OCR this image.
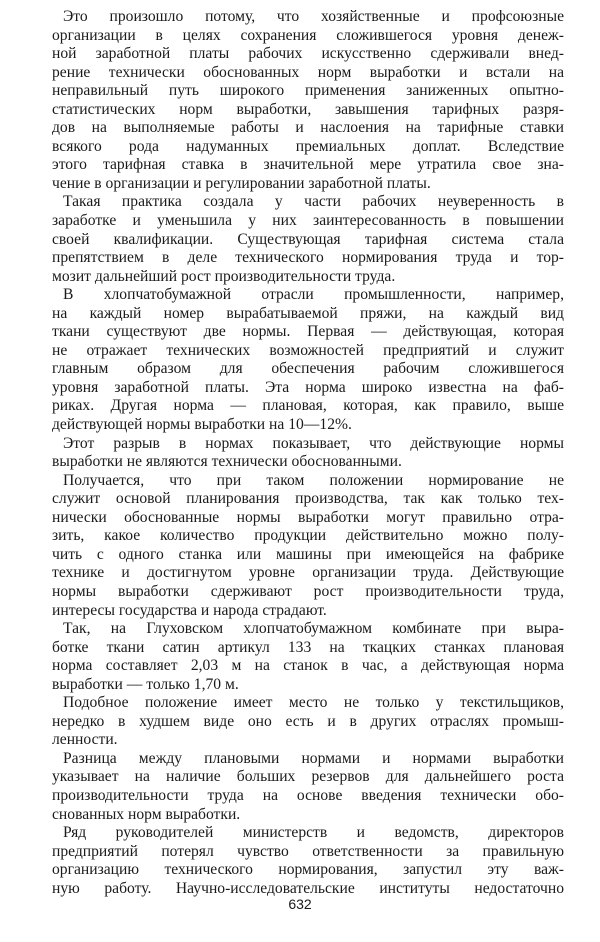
Это произошло потому, что хозяйственные и профсоюзные
организации в целях сохранения сложившегося уровня денеж-
ной заработной платы рабочих искусственно сдерживали внед-
рение технически обоснованных норм выработки и встали на
неправильный путь широкого применения заниженных опытно-
статистических норм выработки, завышения тарифных разря-
дов на выполняемые работы и наслоения на тарифные ставки
всякого рода надуманных премиальных доплат. Вследствие
этого тарифная ставка в значительной мере утратила свое зна-
чение в организации и регулировании заработной платы.
Такая практика создала у части рабочих неуверенность в
заработке и уменьшила у них заинтересованность в повышении
своей квалификации. Существующая тарифная система стала
препятствием в деле технического нормирования труда и тор-
мозит дальнейший рост производительности труда.
В хлопчатобумажной отрасли промышленности, например,
на каждый номер вырабатываемой пряжи, на каждый вид
ткани существуют две нормы. Первая — действующая, которая
не отражает технических возможностей предприятий и служит
главным образом для обеспечения рабочим сложившегося
уровня заработной платы. Эта норма широко известна на фаб-
риках. Другая норма — плановая, которая, как правило, выше
действующей нормы выработки на 10—12%.
Этот разрыв в нормах показывает, что действующие нормы
выработки не являются технически обоснованными.
Получается, что при таком положении нормирование не
служит основой планирования производства, так как только тех-
нически обоснованные нормы выработки могут правильно отра-
зить, какое количество продукции действительно можно полу-
чить с одного станка или машины при имеющейся на фабрике
технике и достигнутом уровне организации труда. Действующие
нормы выработки сдерживают рост производительности труда,
интересы государства и народа страдают.
Так, на Глуховском хлопчатобумажном комбинате при выра-
ботке ткани сатин артикул 133 на ткацких станках плановая
норма составляет 2,03 м на станок в час, а действующая норма
выработки — только 1,70 м.
Подобное положение имеет место не только у текстильщиков,
нередко в худшем виде оно есть и в других отраслях промыш-
ленности.
Разница между плановыми нормами и нормами выработки
указывает на наличие больших резервов для дальнейшего роста
производительности труда на основе введения технически обо-
снованных норм выработки.
Ряд руководителей министерств и ведомств, директоров
предприятий потерял чувство ответственности за правильную
организацию технического нормирования, запустил эту важ-
ную работу. Научно-исследовательские институты недостаточно
632
